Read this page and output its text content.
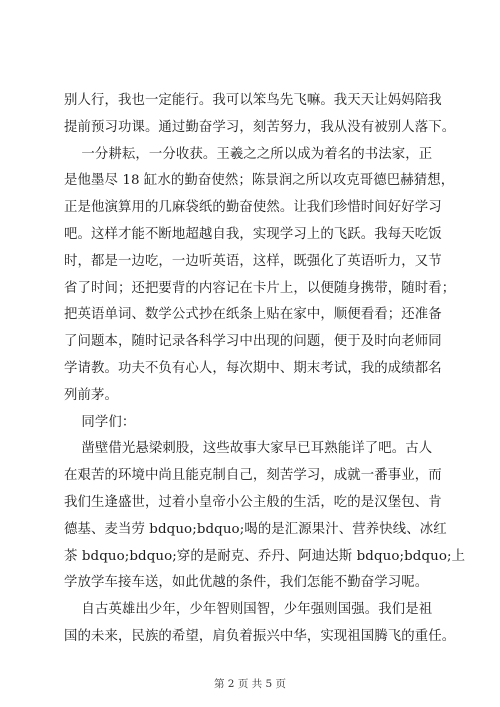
别人行，我也一定能行。我可以笨鸟先飞嘛。我天天让妈妈陪我
提前预习功课。通过勤奋学习，刻苦努力，我从没有被别人落下。
一分耕耘，一分收获。王羲之之所以成为着名的书法家，正
是他墨尽 18 缸水的勤奋使然；陈景润之所以攻克哥德巴赫猜想，
正是他演算用的几麻袋纸的勤奋使然。让我们珍惜时间好好学习
吧。这样才能不断地超越自我，实现学习上的飞跃。我每天吃饭
时，都是一边吃，一边听英语，这样，既强化了英语听力，又节
省了时间；还把要背的内容记在卡片上，以便随身携带，随时看；
把英语单词、数学公式抄在纸条上贴在家中，顺便看看；还准备
了问题本，随时记录各科学习中出现的问题，便于及时向老师同
学请教。功夫不负有心人，每次期中、期末考试，我的成绩都名
列前茅。
同学们：
凿壁借光悬梁刺股，这些故事大家早已耳熟能详了吧。古人
在艰苦的环境中尚且能克制自己，刻苦学习，成就一番事业，而
我们生逢盛世，过着小皇帝小公主般的生活，吃的是汉堡包、肯
德基、麦当劳 bdquo;bdquo;喝的是汇源果汁、营养快线、冰红
茶 bdquo;bdquo;穿的是耐克、乔丹、阿迪达斯 bdquo;bdquo;上
学放学车接车送，如此优越的条件，我们怎能不勤奋学习呢。
自古英雄出少年，少年智则国智，少年强则国强。我们是祖
国的未来，民族的希望，肩负着振兴中华，实现祖国腾飞的重任。
第 2 页 共 5 页
